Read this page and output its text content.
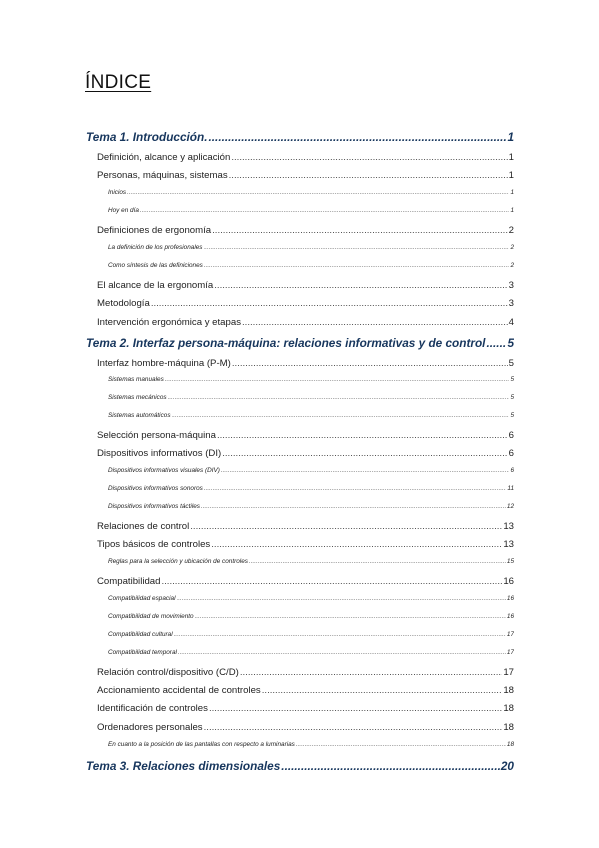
ÍNDICE
Tema 1. Introducción. .....	1
Definición, alcance y aplicación .....	1
Personas, máquinas, sistemas .....	1
Inicios .....	1
Hoy en día .....	1
Definiciones de ergonomía .....	2
La definición de los profesionales .....	2
Como síntesis de las definiciones .....	2
El alcance de la ergonomía .....	3
Metodología .....	3
Intervención ergonómica y etapas .....	4
Tema 2. Interfaz persona-máquina: relaciones informativas y de control ..... 5
Interfaz hombre-máquina (P-M) .....	5
Sistemas manuales .....	5
Sistemas mecánicos .....	5
Sistemas automáticos .....	5
Selección persona-máquina .....	6
Dispositivos informativos (DI) .....	6
Dispositivos informativos visuales (DIV) .....	6
Dispositivos informativos sonoros .....	11
Dispositivos informativos táctiles .....	12
Relaciones de control .....	13
Tipos básicos de controles .....	13
Reglas para la selección y ubicación de controles .....	15
Compatibilidad .....	16
Compatibilidad espacial .....	16
Compatibilidad de movimiento .....	16
Compatibilidad cultural .....	17
Compatibilidad temporal .....	17
Relación control/dispositivo (C/D) .....	17
Accionamiento accidental de controles .....	18
Identificación de controles .....	18
Ordenadores personales .....	18
En cuanto a la posición de las pantallas con respecto a luminarias .....	18
Tema 3. Relaciones dimensionales .....	20
